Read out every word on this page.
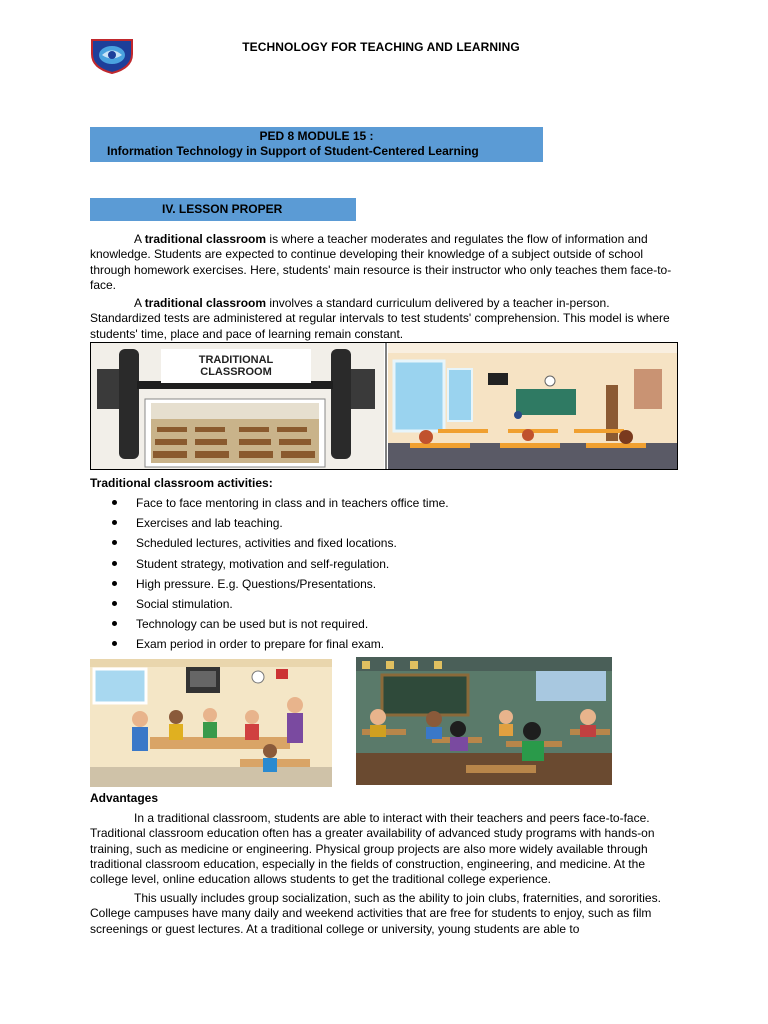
TECHNOLOGY FOR TEACHING AND LEARNING
PED 8 MODULE 15 :
Information Technology in Support of Student-Centered Learning
IV. LESSON PROPER

A traditional classroom is where a teacher moderates and regulates the flow of information and knowledge. Students are expected to continue developing their knowledge of a subject outside of school through homework exercises. Here, students' main resource is their instructor who only teaches them face-to-face.

A traditional classroom involves a standard curriculum delivered by a teacher in-person. Standardized tests are administered at regular intervals to test students' comprehension. This model is where students' time, place and pace of learning remain constant.

TRADITIONAL
CLASSROOM
Traditional classroom activities:
Face to face mentoring in class and in teachers office time.
Exercises and lab teaching.
Scheduled lectures, activities and fixed locations.
Student strategy, motivation and self-regulation.
High pressure. E.g. Questions/Presentations.
Social stimulation.
Technology can be used but is not required.
Exam period in order to prepare for final exam.
Advantages

In a traditional classroom, students are able to interact with their teachers and peers face-to-face. Traditional classroom education often has a greater availability of advanced study programs with hands-on training, such as medicine or engineering. Physical group projects are also more widely available through traditional classroom education, especially in the fields of construction, engineering, and medicine. At the college level, online education allows students to get the traditional college experience.

This usually includes group socialization, such as the ability to join clubs, fraternities, and sororities. College campuses have many daily and weekend activities that are free for students to enjoy, such as film screenings or guest lectures. At a traditional college or university, young students are able to
